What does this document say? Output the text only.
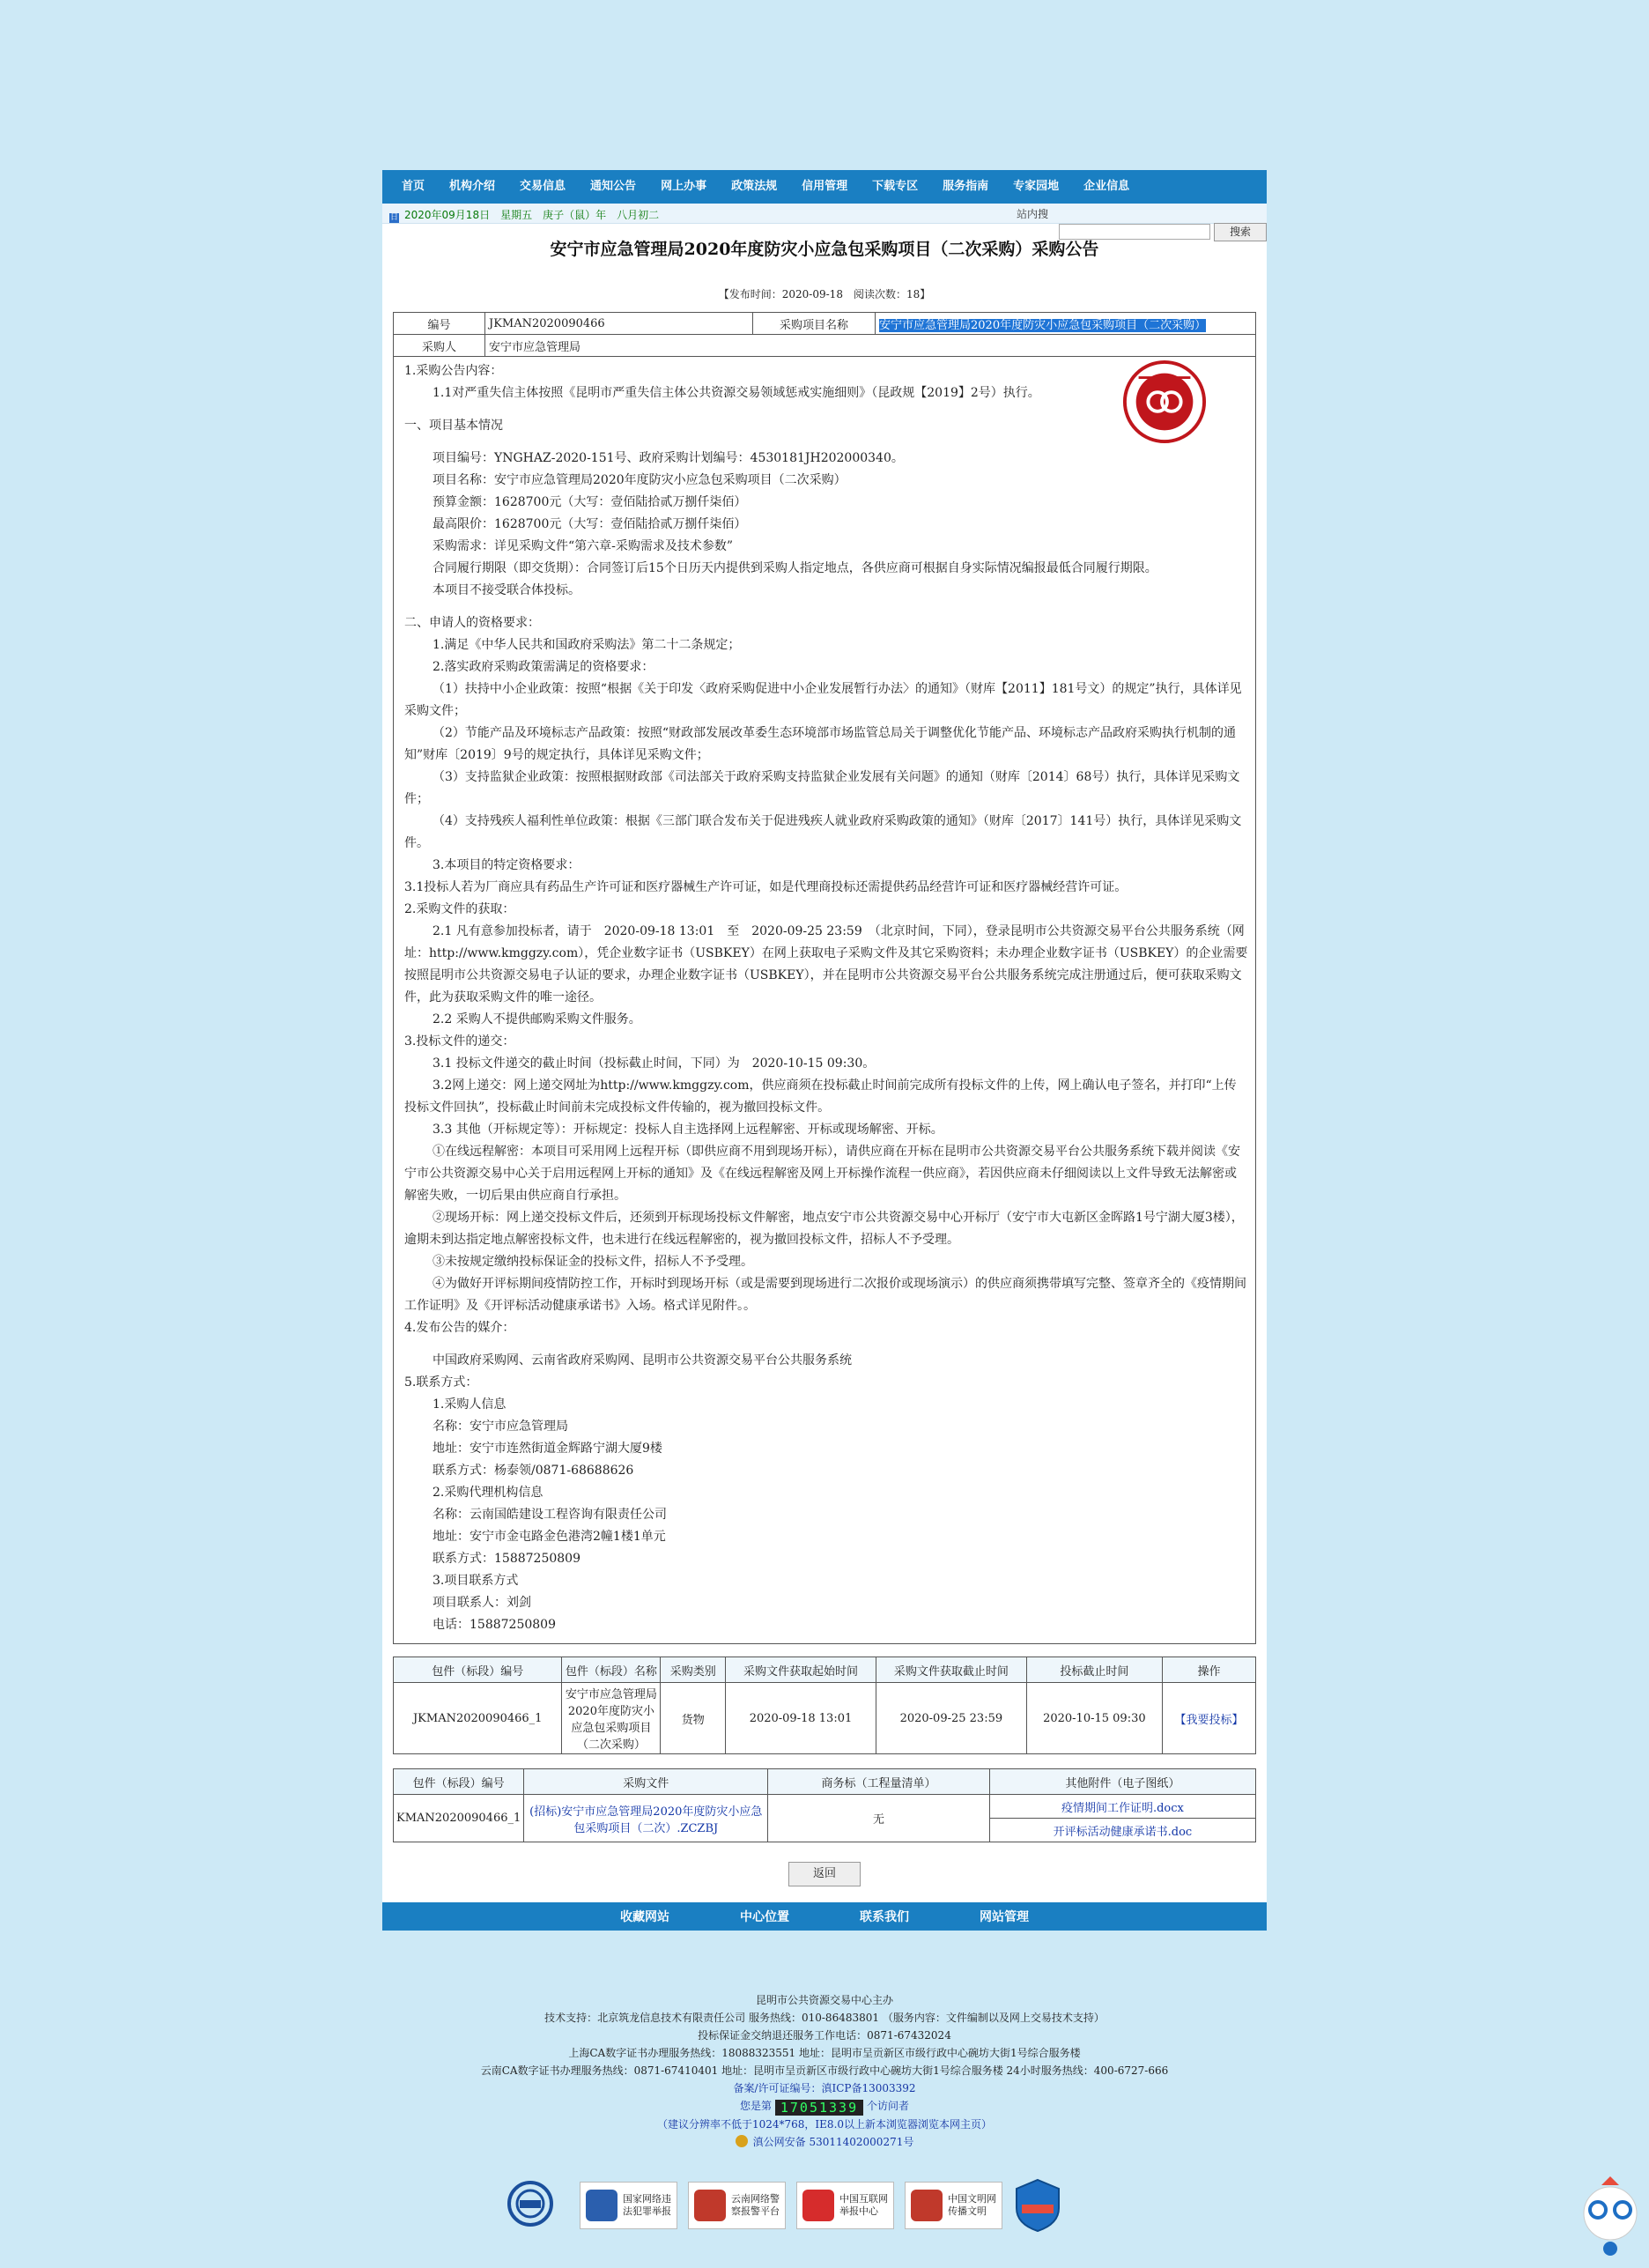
首页	机构介绍	交易信息	通知公告	网上办事	政策法规	信用管理	下载专区	服务指南	专家园地	企业信息
日 2020年09月18日　星期五　庚子（鼠）年　八月初二	站内搜
搜索
安宁市应急管理局2020年度防灾小应急包采购项目（二次采购）采购公告
【发布时间：2020-09-18　阅读次数：18】
编号	JKMAN2020090466	采购项目名称	安宁市应急管理局2020年度防灾小应急包采购项目（二次采购）
采购人	安宁市应急管理局		

1.采购公告内容：

1.1对严重失信主体按照《昆明市严重失信主体公共资源交易领域惩戒实施细则》（昆政规【2019】2号）执行。

一、项目基本情况

项目编号：YNGHAZ-2020-151号、政府采购计划编号：4530181JH202000340。

项目名称：安宁市应急管理局2020年度防灾小应急包采购项目（二次采购）

预算金额：1628700元（大写：壹佰陆拾贰万捌仟柒佰）

最高限价：1628700元（大写：壹佰陆拾贰万捌仟柒佰）

采购需求：详见采购文件“第六章-采购需求及技术参数”

合同履行期限（即交货期）：合同签订后15个日历天内提供到采购人指定地点，各供应商可根据自身实际情况编报最低合同履行期限。

本项目不接受联合体投标。

二、申请人的资格要求：

1.满足《中华人民共和国政府采购法》第二十二条规定；

2.落实政府采购政策需满足的资格要求：

（1）扶持中小企业政策：按照“根据《关于印发〈政府采购促进中小企业发展暂行办法〉的通知》（财库【2011】181号文）的规定”执行，具体详见采购文件；

（2）节能产品及环境标志产品政策：按照“财政部发展改革委生态环境部市场监管总局关于调整优化节能产品、环境标志产品政府采购执行机制的通知”财库〔2019〕9号的规定执行，具体详见采购文件；

（3）支持监狱企业政策：按照根据财政部《司法部关于政府采购支持监狱企业发展有关问题》的通知（财库〔2014〕68号）执行，具体详见采购文件；

（4）支持残疾人福利性单位政策：根据《三部门联合发布关于促进残疾人就业政府采购政策的通知》（财库〔2017〕141号）执行，具体详见采购文件。

3.本项目的特定资格要求：

3.1投标人若为厂商应具有药品生产许可证和医疗器械生产许可证，如是代理商投标还需提供药品经营许可证和医疗器械经营许可证。

2.采购文件的获取：

2.1 凡有意参加投标者，请于　2020-09-18 13:01　至　2020-09-25 23:59　（北京时间，下同），登录昆明市公共资源交易平台公共服务系统（网址：http://www.kmggzy.com），凭企业数字证书（USBKEY）在网上获取电子采购文件及其它采购资料；未办理企业数字证书（USBKEY）的企业需要按照昆明市公共资源交易电子认证的要求，办理企业数字证书（USBKEY），并在昆明市公共资源交易平台公共服务系统完成注册通过后，便可获取采购文件，此为获取采购文件的唯一途径。

2.2 采购人不提供邮购采购文件服务。

3.投标文件的递交：

3.1 投标文件递交的截止时间（投标截止时间，下同）为　2020-10-15 09:30。

3.2网上递交：网上递交网址为http://www.kmggzy.com，供应商须在投标截止时间前完成所有投标文件的上传，网上确认电子签名，并打印“上传投标文件回执”，投标截止时间前未完成投标文件传输的，视为撤回投标文件。

3.3 其他（开标规定等）：开标规定：投标人自主选择网上远程解密、开标或现场解密、开标。

①在线远程解密：本项目可采用网上远程开标（即供应商不用到现场开标），请供应商在开标在昆明市公共资源交易平台公共服务系统下载并阅读《安宁市公共资源交易中心关于启用远程网上开标的通知》及《在线远程解密及网上开标操作流程一供应商》，若因供应商未仔细阅读以上文件导致无法解密或解密失败，一切后果由供应商自行承担。

②现场开标：网上递交投标文件后，还须到开标现场投标文件解密，地点安宁市公共资源交易中心开标厅（安宁市大屯新区金晖路1号宁湖大厦3楼），逾期未到达指定地点解密投标文件，也未进行在线远程解密的，视为撤回投标文件，招标人不予受理。

③未按规定缴纳投标保证金的投标文件，招标人不予受理。

④为做好开评标期间疫情防控工作，开标时到现场开标（或是需要到现场进行二次报价或现场演示）的供应商须携带填写完整、签章齐全的《疫情期间工作证明》及《开评标活动健康承诺书》入场。格式详见附件。。

4.发布公告的媒介：

中国政府采购网、云南省政府采购网、昆明市公共资源交易平台公共服务系统

5.联系方式：

1.采购人信息

名称：安宁市应急管理局

地址：安宁市连然街道金辉路宁湖大厦9楼

联系方式：杨泰领/0871-68688626

2.采购代理机构信息

名称：云南国皓建设工程咨询有限责任公司

地址：安宁市金屯路金色港湾2幢1楼1单元

联系方式：15887250809

3.项目联系方式

项目联系人：刘剑

电话：15887250809

包件（标段）编号	包件（标段）名称	采购类别	采购文件获取起始时间	采购文件获取截止时间	投标截止时间	操作
JKMAN2020090466_1	安宁市应急管理局2020年度防灾小应急包采购项目（二次采购）	货物	2020-09-18 13:01	2020-09-25 23:59	2020-10-15 09:30	【我要投标】
包件（标段）编号	采购文件	商务标（工程量清单）	其他附件（电子图纸）
KMAN2020090466_1	(招标)安宁市应急管理局2020年度防灾小应急包采购项目（二次）.ZCZBJ	无	疫情期间工作证明.docx
			开评标活动健康承诺书.doc
返回
收藏网站	中心位置	联系我们	网站管理
昆明市公共资源交易中心主办
技术支持：北京筑龙信息技术有限责任公司 服务热线：010-86483801 （服务内容：文件编制以及网上交易技术支持）
投标保证金交纳退还服务工作电话：0871-67432024
上海CA数字证书办理服务热线：18088323551 地址：昆明市呈贡新区市级行政中心碗坊大街1号综合服务楼
云南CA数字证书办理服务热线：0871-67410401 地址：昆明市呈贡新区市级行政中心碗坊大街1号综合服务楼 24小时服务热线：400-6727-666
备案/许可证编号：滇ICP备13003392
您是第 17051339 个访问者
（建议分辨率不低于1024*768，IE8.0以上新本浏览器浏览本网主页）
滇公网安备 53011402000271号
国家网络违
法犯罪举报
云南网络警
察报警平台
中国互联网
举报中心
中国文明网
传播文明
